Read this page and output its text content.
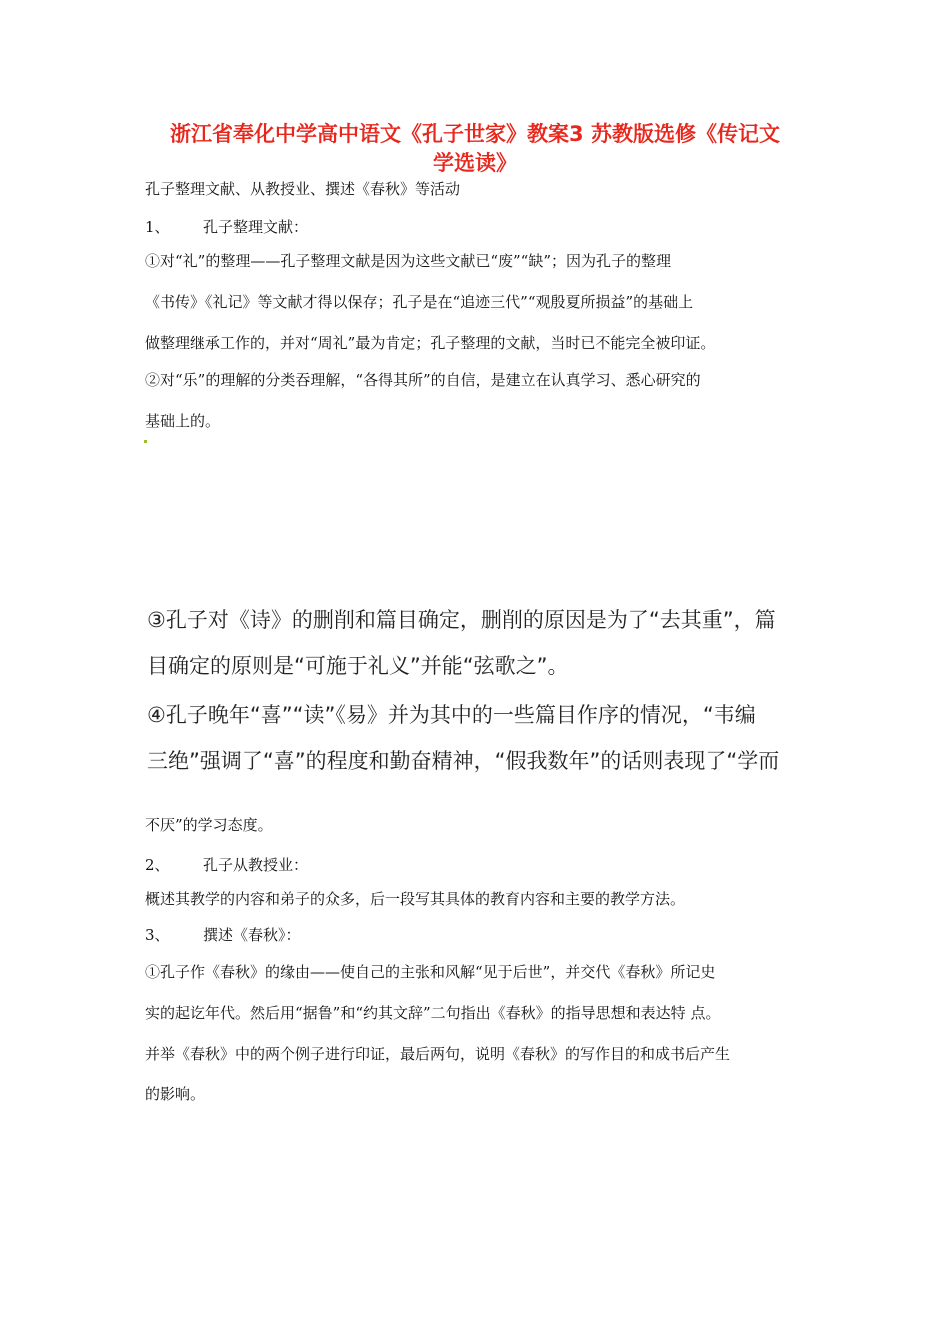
浙江省奉化中学高中语文《孔子世家》教案3 苏教版选修《传记文
学选读》
孔子整理文献、从教授业、撰述《春秋》等活动
1、 孔子整理文献：
①对“礼”的整理——孔子整理文献是因为这些文献已“废”“缺”；因为孔子的整理
《书传》《礼记》等文献才得以保存；孔子是在“追迹三代”“观殷夏所损益”的基础上
做整理继承工作的，并对“周礼”最为肯定；孔子整理的文献，当时已不能完全被印证。
②对“乐”的理解的分类吞理解，“各得其所”的自信，是建立在认真学习、悉心研究的
基础上的。
③孔子对《诗》的删削和篇目确定，删削的原因是为了“去其重”，篇
目确定的原则是“可施于礼义”并能“弦歌之”。
④孔子晚年“喜”“读”《易》并为其中的一些篇目作序的情况，“韦编
三绝”强调了“喜”的程度和勤奋精神，“假我数年”的话则表现了“学而
不厌”的学习态度。
2、 孔子从教授业：
概述其教学的内容和弟子的众多，后一段写其具体的教育内容和主要的教学方法。
3、 撰述《春秋》：
①孔子作《春秋》的缘由——使自己的主张和风解“见于后世”，并交代《春秋》所记史
实的起讫年代。然后用“据鲁”和“约其文辞”二句指出《春秋》的指导思想和表达特 点。
并举《春秋》中的两个例子进行印证，最后两句，说明《春秋》的写作目的和成书后产生
的影响。
